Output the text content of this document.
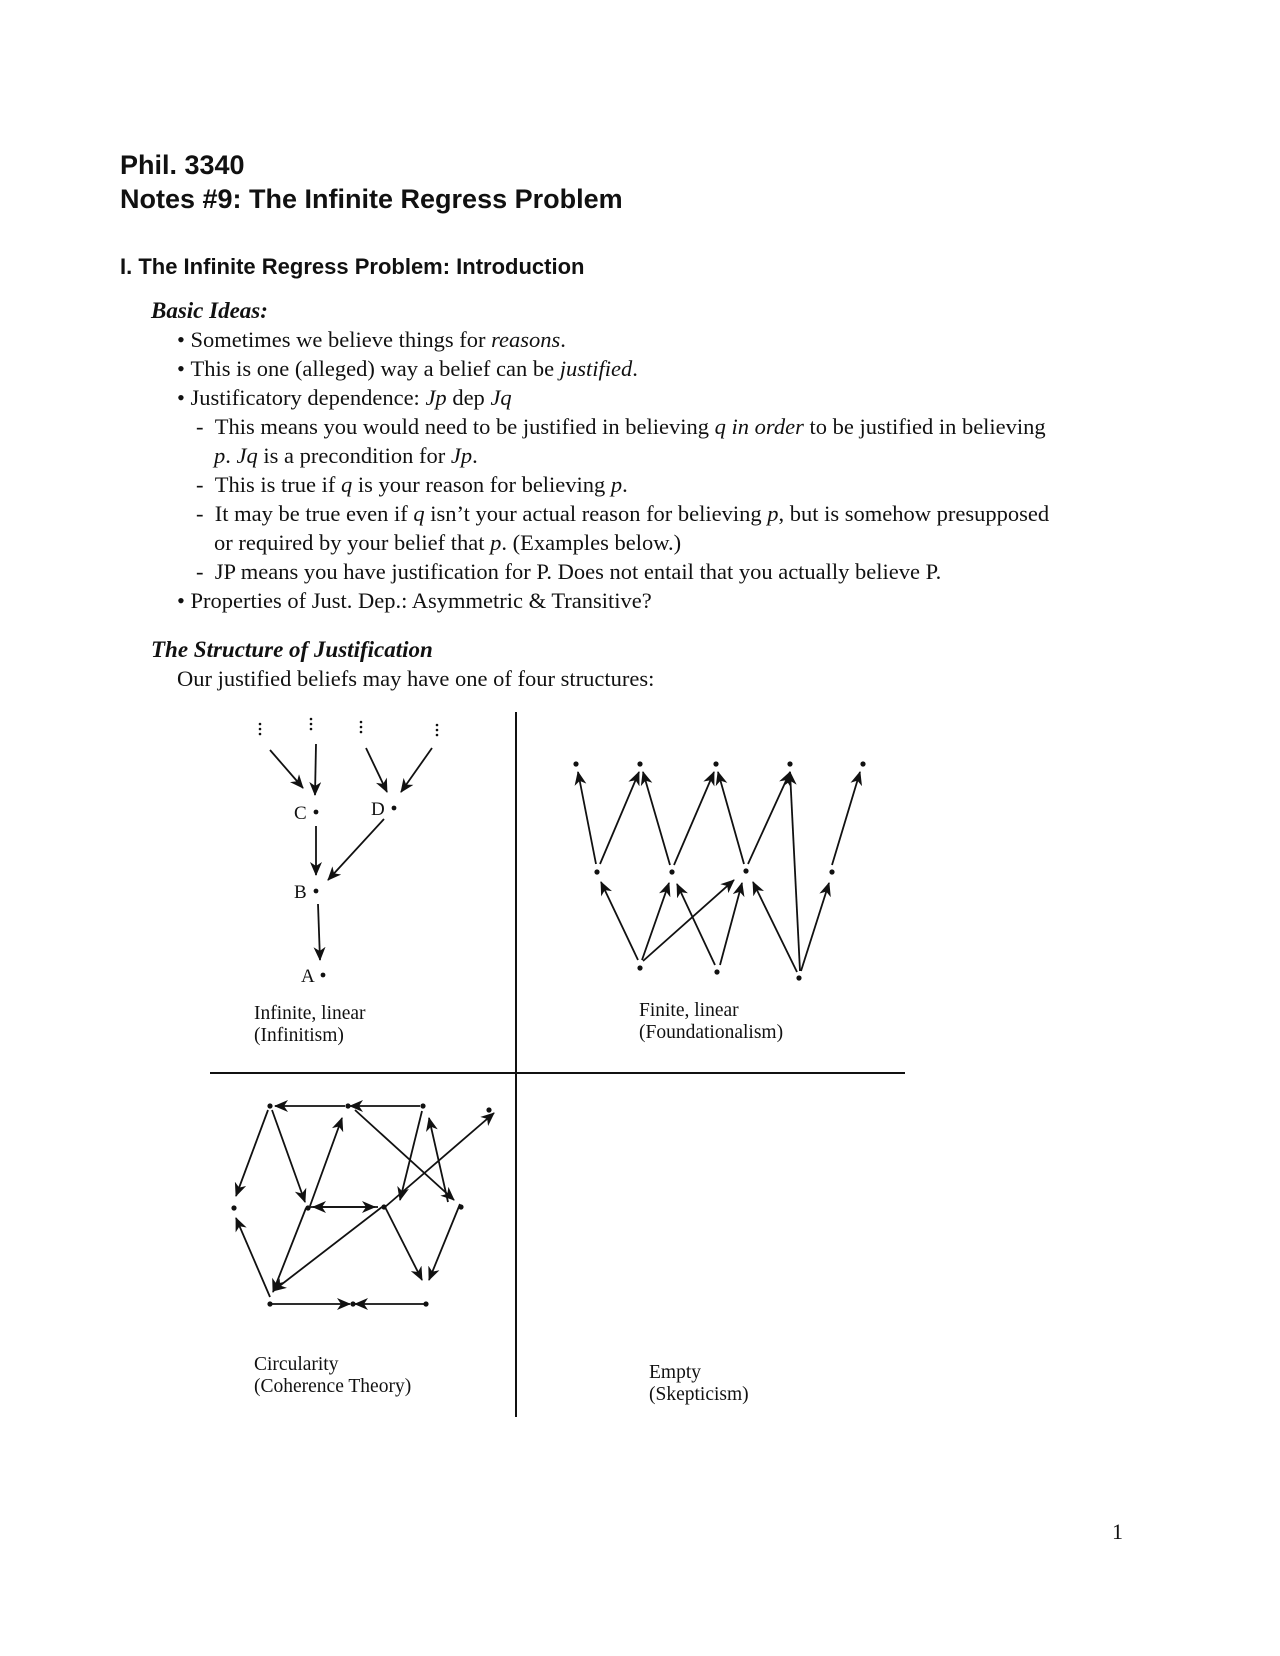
Phil. 3340
Notes #9: The Infinite Regress Problem
I. The Infinite Regress Problem: Introduction
Basic Ideas:
• Sometimes we believe things for reasons.
• This is one (alleged) way a belief can be justified.
• Justificatory dependence: Jp dep Jq
-  This means you would need to be justified in believing q in order to be justified in believing
p. Jq is a precondition for Jp.
-  This is true if q is your reason for believing p.
-  It may be true even if q isn’t your actual reason for believing p, but is somehow presupposed
or required by your belief that p. (Examples below.)
-  JP means you have justification for P. Does not entail that you actually believe P.
• Properties of Just. Dep.: Asymmetric & Transitive?
The Structure of Justification
Our justified beliefs may have one of four structures:
C	D
B
A
Infinite, linear
(Infinitism)
Finite, linear
(Foundationalism)
Circularity
(Coherence Theory)
Empty
(Skepticism)
1
